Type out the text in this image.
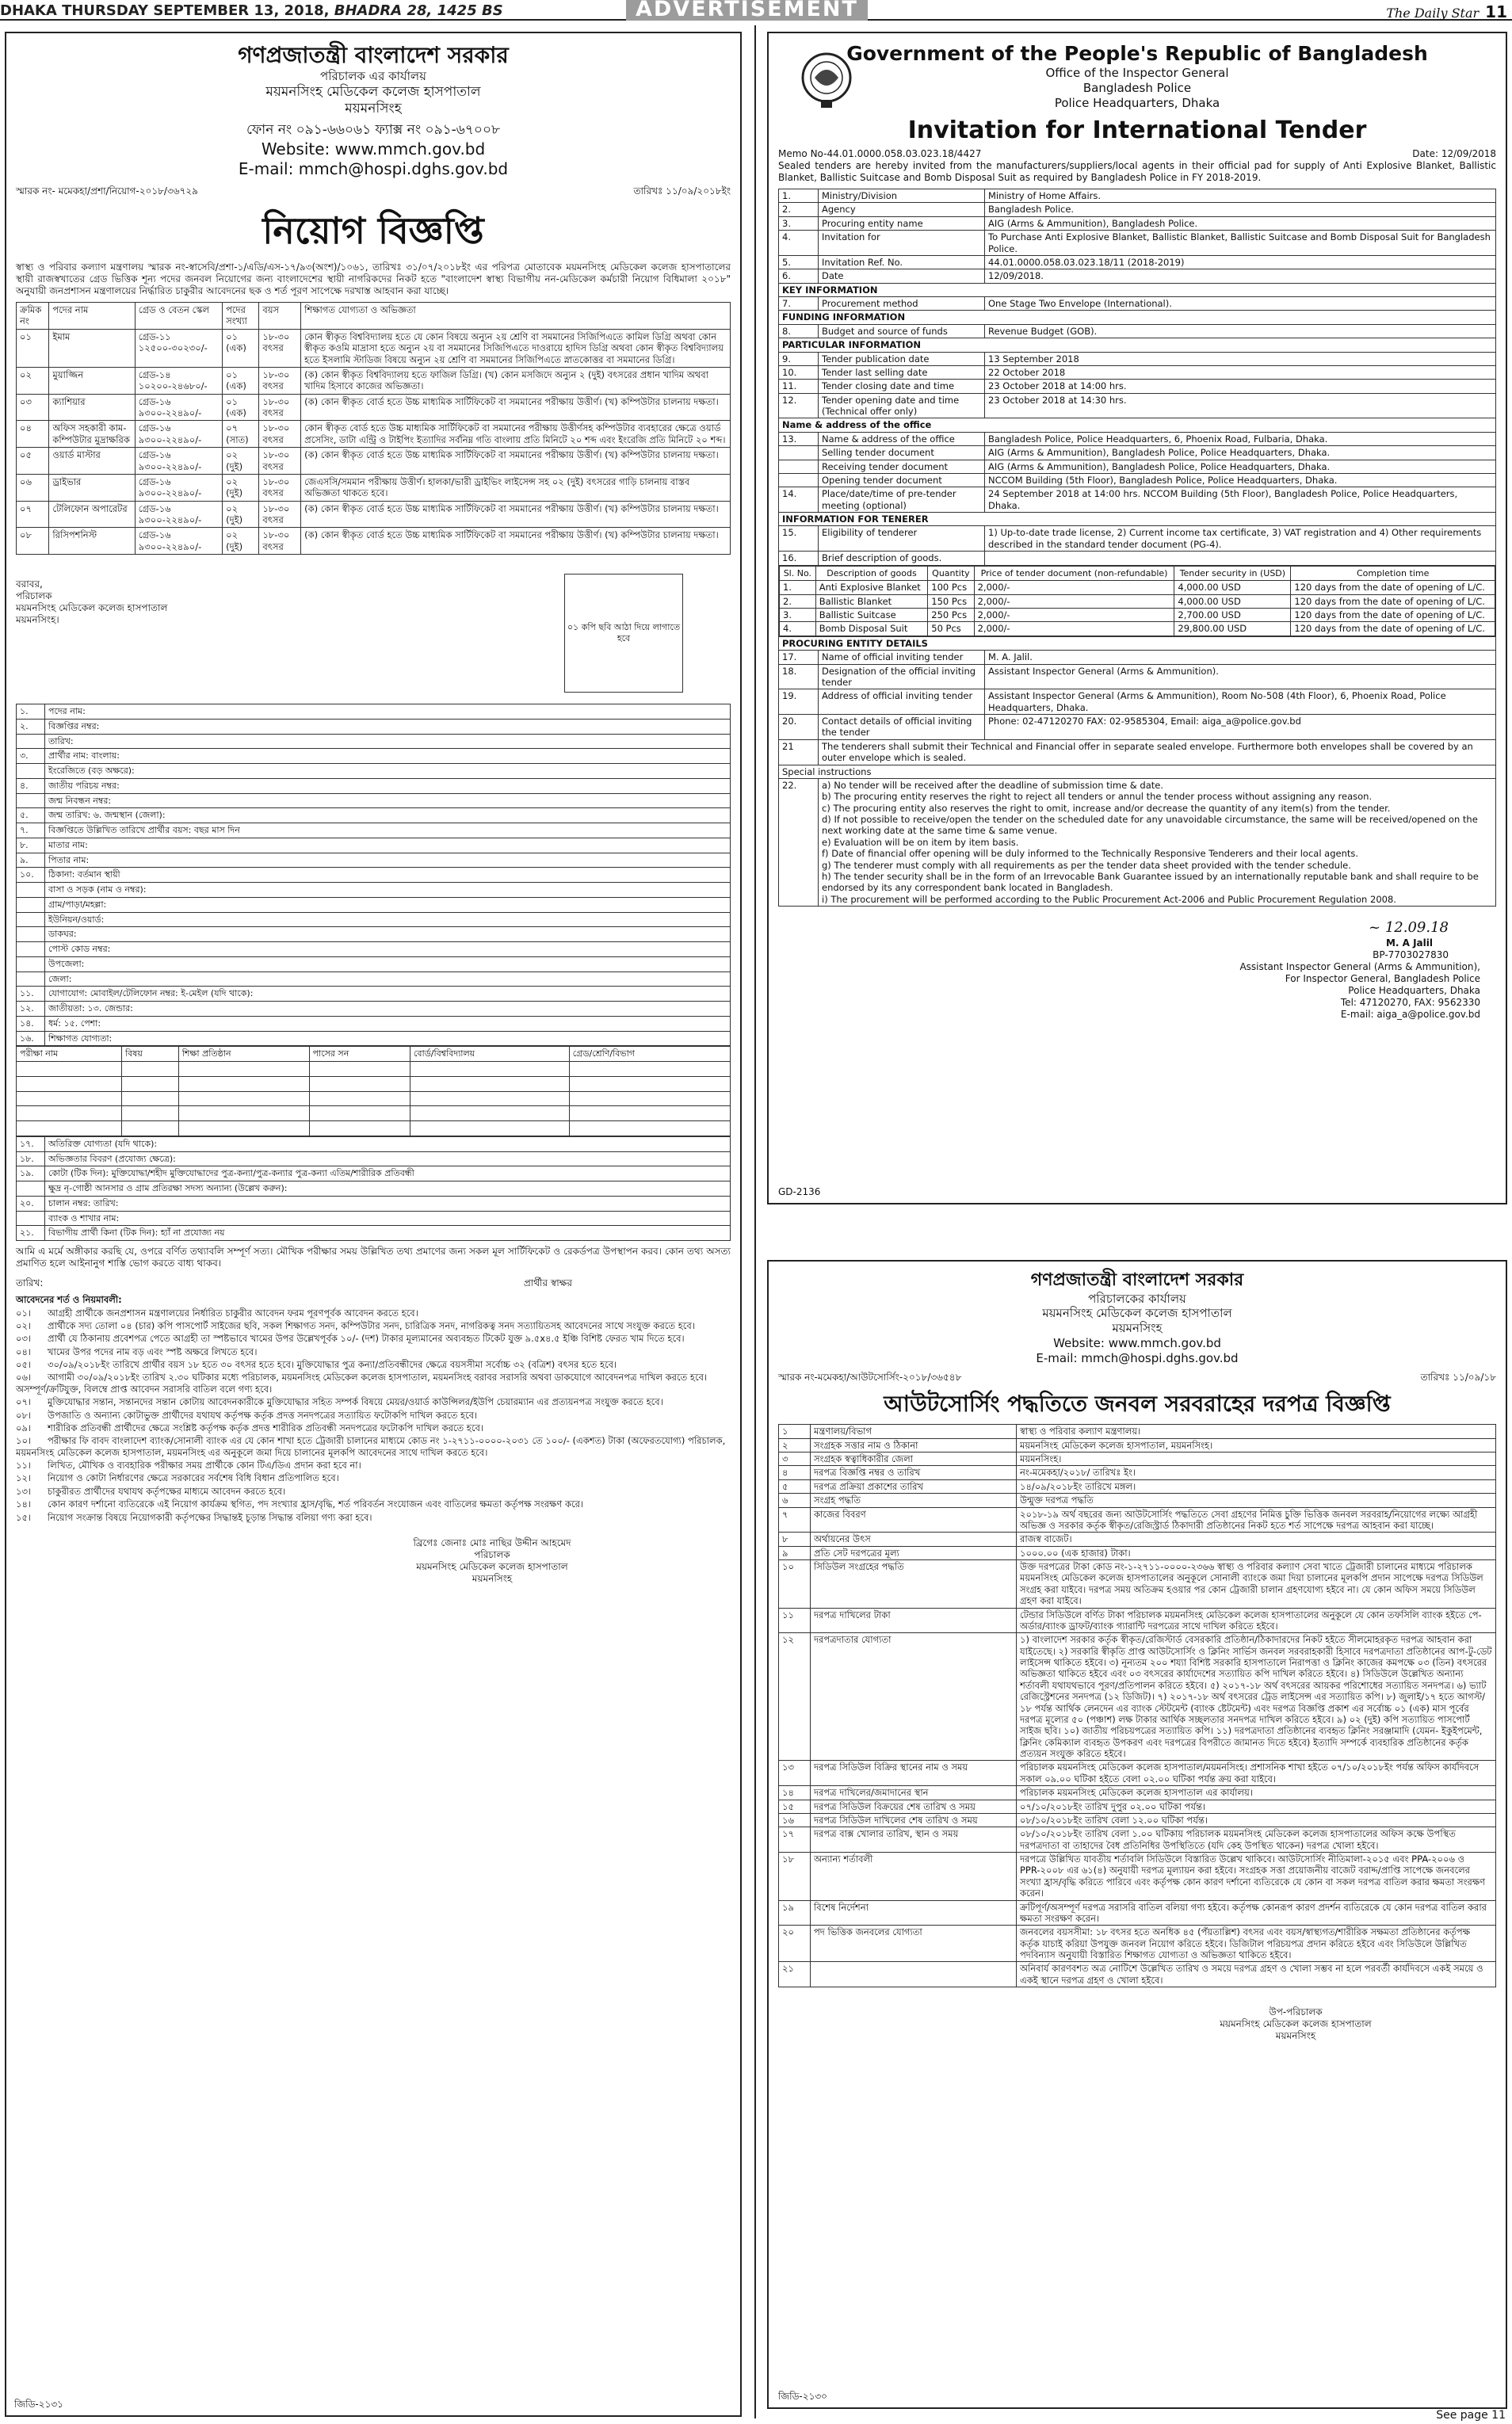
DHAKA THURSDAY SEPTEMBER 13, 2018, BHADRA 28, 1425 BS	ADVERTISEMENT	The Daily Star 11
গণপ্রজাতন্ত্রী বাংলাদেশ সরকার
পরিচালক এর কার্যালয়
ময়মনসিংহ মেডিকেল কলেজ হাসপাতাল
ময়মনসিংহ
ফোন নং ০৯১-৬৬০৬১ ফ্যাক্স নং ০৯১-৬৭০০৮
Website: www.mmch.gov.bd
E-mail: mmch@hospi.dghs.gov.bd
স্মারক নং- মমেকহা/প্রশা/নিয়োগ-২০১৮/৩৬৭২৯	তারিখঃ ১১/০৯/২০১৮ইং
নিয়োগ বিজ্ঞপ্তি
স্বাস্থ্য ও পরিবার কল্যাণ মন্ত্রণালয় স্মারক নং-স্বাসেবি/প্রশা-১/এডি/এস-১৭/৯৩(অংশ)/১০৬১, তারিখঃ ৩১/০৭/২০১৮ইং এর পরিপত্র মোতাবেক ময়মনসিংহ মেডিকেল কলেজ হাসপাতালের স্থায়ী রাজস্বখাতের গ্রেড ভিত্তিক শূন্য পদের জনবল নিয়োগের জন্য বাংলাদেশের স্থায়ী নাগরিকদের নিকট হতে "বাংলাদেশ স্বাস্থ্য বিভাগীয় নন-মেডিকেল কর্মচারী নিয়োগ বিধিমালা ২০১৮" অনুযায়ী জনপ্রশাসন মন্ত্রণালয়ের নির্দ্ধারিত চাকুরীর আবেদনের ছক ও শর্ত পূরণ সাপেক্ষে দরখাস্ত আহবান করা যাচ্ছে।
ক্রমিক নং	পদের নাম	গ্রেড ও বেতন স্কেল	পদের সংখ্যা	বয়স	শিক্ষাগত যোগ্যতা ও অভিজ্ঞতা
০১	ইমাম	গ্রেড-১১ ১২৫০০-৩০২৩০/-	০১ (এক)	১৮-৩০ বৎসর	কোন স্বীকৃত বিশ্ববিদ্যালয় হতে যে কোন বিষয়ে অন্যুন ২য় শ্রেণি বা সমমানের সিজিপিএতে কামিল ডিগ্রি অথবা কোন স্বীকৃত কওমি মাদ্রাসা হতে অন্যুন ২য় বা সমমানের সিজিপিএতে দাওরায়ে হাদিস ডিগ্রি অথবা কোন স্বীকৃত বিশ্ববিদ্যালয় হতে ইসলামি স্টাডিজ বিষয়ে অন্যুন ২য় শ্রেণি বা সমমানের সিজিপিএতে স্নাতকোত্তর বা সমমানের ডিগ্রি।
০২	মুয়াজ্জিন	গ্রেড-১৪ ১০২০০-২৪৬৮০/-	০১ (এক)	১৮-৩০ বৎসর	(ক) কোন স্বীকৃত বিশ্ববিদ্যালয় হতে ফাজিল ডিগ্রি। (খ) কোন মসজিদে অন্যুন ২ (দুই) বৎসরের প্রধান খাদিম অথবা খাদিম হিসাবে কাজের অভিজ্ঞতা।
০৩	ক্যাশিয়ার	গ্রেড-১৬ ৯৩০০-২২৪৯০/-	০১ (এক)	১৮-৩০ বৎসর	(ক) কোন স্বীকৃত বোর্ড হতে উচ্চ মাধ্যমিক সার্টিফিকেট বা সমমানের পরীক্ষায় উত্তীর্ণ। (খ) কম্পিউটার চালনায় দক্ষতা।
০৪	অফিস সহকারী কাম-কম্পিউটার মুদ্রাক্ষরিক	গ্রেড-১৬ ৯৩০০-২২৪৯০/-	০৭ (সাত)	১৮-৩০ বৎসর	কোন স্বীকৃত বোর্ড হতে উচ্চ মাধ্যমিক সার্টিফিকেট বা সমমানের পরীক্ষায় উত্তীর্ণসহ কম্পিউটার ব্যবহারের ক্ষেত্রে ওয়ার্ড প্রসেসিং, ডাটা এন্ট্রি ও টাইপিং ইত্যাদির সর্বনিম্ন গতি বাংলায় প্রতি মিনিটে ২০ শব্দ এবং ইংরেজি প্রতি মিনিটে ২০ শব্দ।
০৫	ওয়ার্ড মাস্টার	গ্রেড-১৬ ৯৩০০-২২৪৯০/-	০২ (দুই)	১৮-৩০ বৎসর	(ক) কোন স্বীকৃত বোর্ড হতে উচ্চ মাধ্যমিক সার্টিফিকেট বা সমমানের পরীক্ষায় উত্তীর্ণ। (খ) কম্পিউটার চালনায় দক্ষতা।
০৬	ড্রাইভার	গ্রেড-১৬ ৯৩০০-২২৪৯০/-	০২ (দুই)	১৮-৩০ বৎসর	জেএসসি/সমমান পরীক্ষায় উত্তীর্ণ। হালকা/ভারী ড্রাইভিং লাইসেন্স সহ ০২ (দুই) বৎসরের গাড়ি চালনায় বাস্তব অভিজ্ঞতা থাকতে হবে।
০৭	টেলিফোন অপারেটর	গ্রেড-১৬ ৯৩০০-২২৪৯০/-	০২ (দুই)	১৮-৩০ বৎসর	(ক) কোন স্বীকৃত বোর্ড হতে উচ্চ মাধ্যমিক সার্টিফিকেট বা সমমানের পরীক্ষায় উত্তীর্ণ। (খ) কম্পিউটার চালনায় দক্ষতা।
০৮	রিসিপশনিস্ট	গ্রেড-১৬ ৯৩০০-২২৪৯০/-	০২ (দুই)	১৮-৩০ বৎসর	(ক) কোন স্বীকৃত বোর্ড হতে উচ্চ মাধ্যমিক সার্টিফিকেট বা সমমানের পরীক্ষায় উত্তীর্ণ। (খ) কম্পিউটার চালনায় দক্ষতা।
বরাবর,
পরিচালক
ময়মনসিংহ মেডিকেল কলেজ হাসপাতাল
ময়মনসিংহ।
০১ কপি ছবি আঠা দিয়ে লাগাতে হবে
১.	পদের নাম:
২.	বিজ্ঞপ্তির নম্বর:
	তারিখ:
৩.	প্রার্থীর নাম: বাংলায়:
	ইংরেজিতে (বড় অক্ষরে):
৪.	জাতীয় পরিচয় নম্বর:
	জন্ম নিবন্ধন নম্বর:
৫.	জন্ম তারিখ: ৬. জন্মস্থান (জেলা):
৭.	বিজ্ঞপ্তিতে উল্লিখিত তারিখে প্রার্থীর বয়স: বছর মাস দিন
৮.	মাতার নাম:
৯.	পিতার নাম:
১০.	ঠিকানা: বর্তমান স্থায়ী
	বাসা ও সড়ক (নাম ও নম্বর):
	গ্রাম/পাড়া/মহল্লা:
	ইউনিয়ন/ওয়ার্ড:
	ডাকঘর:
	পোস্ট কোড নম্বর:
	উপজেলা:
	জেলা:
১১.	যোগাযোগ: মোবাইল/টেলিফোন নম্বর: ই-মেইল (যদি থাকে):
১২.	জাতীয়তা: ১৩. জেন্ডার:
১৪.	ধর্ম: ১৫. পেশা:
১৬.	শিক্ষাগত যোগ্যতা:
পরীক্ষা নাম	বিষয়	শিক্ষা প্রতিষ্ঠান	পাসের সন	বোর্ড/বিশ্ববিদ্যালয়	গ্রেড/শ্রেণি/বিভাগ

১৭.	অতিরিক্ত যোগ্যতা (যদি থাকে):
১৮.	অভিজ্ঞতার বিবরণ (প্রযোজ্য ক্ষেত্রে):
১৯.	কোটা (টিক দিন): মুক্তিযোদ্ধা/শহীদ মুক্তিযোদ্ধাদের পুত্র-কন্যা/পুত্র-কন্যার পুত্র-কন্যা এতিম/শারীরিক প্রতিবন্ধী
	ক্ষুদ্র নৃ-গোষ্ঠী আনসার ও গ্রাম প্রতিরক্ষা সদস্য অন্যান্য (উল্লেখ করুন):
২০.	চালান নম্বর: তারিখ:
	ব্যাংক ও শাখার নাম:
২১.	বিভাগীয় প্রার্থী কিনা (টিক দিন): হ্যাঁ না প্রযোজ্য নয়
আমি এ মর্মে অঙ্গীকার করছি যে, ওপরে বর্ণিত তথ্যাবলি সম্পূর্ণ সত্য। মৌখিক পরীক্ষার সময় উল্লিখিত তথ্য প্রমাণের জন্য সকল মূল সার্টিফিকেট ও রেকর্ডপত্র উপস্থাপন করব। কোন তথ্য অসত্য প্রমাণিত হলে আইনানুগ শাস্তি ভোগ করতে বাধ্য থাকব।
তারিখ:	প্রার্থীর স্বাক্ষর

আবেদনের শর্ত ও নিয়মাবলী:

০১। আগ্রহী প্রার্থীকে জনপ্রশাসন মন্ত্রণালয়ের নির্ধারিত চাকুরীর আবেদন ফরম পূরণপূর্বক আবেদন করতে হবে।

০২। প্রার্থীকে সদ্য তোলা ০৪ (চার) কপি পাসপোর্ট সাইজের ছবি, সকল শিক্ষাগত সনদ, কম্পিউটার সনদ, চারিত্রিক সনদ, নাগরিকত্ব সনদ সত্যায়িতসহ আবেদনের সাথে সংযুক্ত করতে হবে।

০৩। প্রার্থী যে ঠিকানায় প্রবেশপত্র পেতে আগ্রহী তা স্পষ্টভাবে খামের উপর উল্লেখপূর্বক ১০/- (দশ) টাকার মূল্যমানের অব্যবহৃত টিকেট যুক্ত ৯.৫x৪.৫ ইঞ্চি বিশিষ্ট ফেরত খাম দিতে হবে।

০৪। খামের উপর পদের নাম বড় এবং স্পষ্ট অক্ষরে লিখতে হবে।

০৫। ৩০/০৯/২০১৮ইং তারিখে প্রার্থীর বয়স ১৮ হতে ৩০ বৎসর হতে হবে। মুক্তিযোদ্ধার পুত্র কন্যা/প্রতিবন্ধীদের ক্ষেত্রে বয়সসীমা সর্বোচ্চ ৩২ (বত্রিশ) বৎসর হতে হবে।

০৬। আগামী ৩০/০৯/২০১৮ইং তারিখ ২.৩০ ঘটিকার মধ্যে পরিচালক, ময়মনসিংহ মেডিকেল কলেজ হাসপাতাল, ময়মনসিংহ বরাবর সরাসরি অথবা ডাকযোগে আবেদনপত্র দাখিল করতে হবে। অসম্পূর্ণ/ক্রটিযুক্ত, বিলম্বে প্রাপ্ত আবেদন সরাসরি বাতিল বলে গণ্য হবে।

০৭। মুক্তিযোদ্ধার সন্তান, সন্তানদের সন্তান কোটায় আবেদনকারীকে মুক্তিযোদ্ধার সহিত সম্পর্ক বিষয়ে মেয়র/ওয়ার্ড কাউন্সিলর/ইউপি চেয়ারম্যান এর প্রত্যয়নপত্র সংযুক্ত করতে হবে।

০৮। উপজাতি ও অন্যান্য কোটাভুক্ত প্রার্থীদের যথাযথ কর্তৃপক্ষ কর্তৃক প্রদত্ত সনদপত্রের সত্যায়িত ফটোকপি দাখিল করতে হবে।

০৯। শারীরিক প্রতিবন্ধী প্রার্থীদের ক্ষেত্রে সংশ্লিষ্ট কর্তৃপক্ষ কর্তৃক প্রদত্ত শারীরিক প্রতিবন্ধী সনদপত্রের ফটোকপি দাখিল করতে হবে।

১০। পরীক্ষার ফি বাবদ বাংলাদেশ ব্যাংক/সোনালী ব্যাংক এর যে কোন শাখা হতে ট্রেজারী চালানের মাধ্যমে কোড নং ১-২৭১১-০০০০-২০৩১ তে ১০০/- (একশত) টাকা (অফেরতযোগ্য) পরিচালক, ময়মনসিংহ মেডিকেল কলেজ হাসপাতাল, ময়মনসিংহ এর অনুকূলে জমা দিয়ে চালানের মূলকপি আবেদনের সাথে দাখিল করতে হবে।

১১। লিখিত, মৌখিক ও ব্যবহারিক পরীক্ষার সময় প্রার্থীকে কোন টিএ/ডিএ প্রদান করা হবে না।

১২। নিয়োগ ও কোটা নির্ধারণের ক্ষেত্রে সরকারের সর্বশেষ বিধি বিধান প্রতিপালিত হবে।

১৩। চাকুরীরত প্রার্থীদের যথাযথ কর্তৃপক্ষের মাধ্যমে আবেদন করতে হবে।

১৪। কোন কারণ দর্শানো ব্যতিরেকে এই নিয়োগ কার্যক্রম স্থগিত, পদ সংখ্যার হ্রাস/বৃদ্ধি, শর্ত পরিবর্তন সংযোজন এবং বাতিলের ক্ষমতা কর্তৃপক্ষ সংরক্ষণ করে।

১৫। নিয়োগ সংক্রান্ত বিষয়ে নিয়োগকারী কর্তৃপক্ষের সিদ্ধান্তই চূড়ান্ত সিদ্ধান্ত বলিয়া গণ্য করা হবে।

ব্রিগেঃ জেনাঃ মোঃ নাছির উদ্দীন আহমেদ
পরিচালক
ময়মনসিংহ মেডিকেল কলেজ হাসপাতাল
ময়মনসিংহ
জিডি-২১৩১
Government of the People's Republic of Bangladesh
Office of the Inspector General
Bangladesh Police
Police Headquarters, Dhaka
Invitation for International Tender
Memo No-44.01.0000.058.03.023.18/4427	Date: 12/09/2018
Sealed tenders are hereby invited from the manufacturers/suppliers/local agents in their official pad for supply of Anti Explosive Blanket, Ballistic Blanket, Ballistic Suitcase and Bomb Disposal Suit as required by Bangladesh Police in FY 2018-2019.
1.	Ministry/Division	Ministry of Home Affairs.
2.	Agency	Bangladesh Police.
3.	Procuring entity name	AIG (Arms & Ammunition), Bangladesh Police.
4.	Invitation for	To Purchase Anti Explosive Blanket, Ballistic Blanket, Ballistic Suitcase and Bomb Disposal Suit for Bangladesh Police.
5.	Invitation Ref. No.	44.01.0000.058.03.023.18/11 (2018-2019)
6.	Date	12/09/2018.
KEY INFORMATION
7.	Procurement method	One Stage Two Envelope (International).
FUNDING INFORMATION
8.	Budget and source of funds	Revenue Budget (GOB).
PARTICULAR INFORMATION
9.	Tender publication date	13 September 2018
10.	Tender last selling date	22 October 2018
11.	Tender closing date and time	23 October 2018 at 14:00 hrs.
12.	Tender opening date and time (Technical offer only)	23 October 2018 at 14:30 hrs.
Name & address of the office
13.	Name & address of the office	Bangladesh Police, Police Headquarters, 6, Phoenix Road, Fulbaria, Dhaka.
	Selling tender document	AIG (Arms & Ammunition), Bangladesh Police, Police Headquarters, Dhaka.
	Receiving tender document	AIG (Arms & Ammunition), Bangladesh Police, Police Headquarters, Dhaka.
	Opening tender document	NCCOM Building (5th Floor), Bangladesh Police, Police Headquarters, Dhaka.
14.	Place/date/time of pre-tender meeting (optional)	24 September 2018 at 14:00 hrs. NCCOM Building (5th Floor), Bangladesh Police, Police Headquarters, Dhaka.
INFORMATION FOR TENERER
15.	Eligibility of tenderer	1) Up-to-date trade license, 2) Current income tax certificate, 3) VAT registration and 4) Other requirements described in the standard tender document (PG-4).
16.	Brief description of goods.	

Sl. No.	Description of goods	Quantity	Price of tender document (non-refundable)	Tender security in (USD)	Completion time
1.	Anti Explosive Blanket	100 Pcs	2,000/-	4,000.00 USD	120 days from the date of opening of L/C.
2.	Ballistic Blanket	150 Pcs	2,000/-	4,000.00 USD	120 days from the date of opening of L/C.
3.	Ballistic Suitcase	250 Pcs	2,000/-	2,700.00 USD	120 days from the date of opening of L/C.
4.	Bomb Disposal Suit	50 Pcs	2,000/-	29,800.00 USD	120 days from the date of opening of L/C.

PROCURING ENTITY DETAILS
17.	Name of official inviting tender	M. A. Jalil.
18.	Designation of the official inviting tender	Assistant Inspector General (Arms & Ammunition).
19.	Address of official inviting tender	Assistant Inspector General (Arms & Ammunition), Room No-508 (4th Floor), 6, Phoenix Road, Police Headquarters, Dhaka.
20.	Contact details of official inviting the tender	Phone: 02-47120270 FAX: 02-9585304, Email: aiga_a@police.gov.bd
21	The tenderers shall submit their Technical and Financial offer in separate sealed envelope. Furthermore both envelopes shall be covered by an outer envelope which is sealed.
Special instructions
22.	a) No tender will be received after the deadline of submission time & date.
b) The procuring entity reserves the right to reject all tenders or annul the tender process without assigning any reason.
c) The procuring entity also reserves the right to omit, increase and/or decrease the quantity of any item(s) from the tender.
d) If not possible to receive/open the tender on the scheduled date for any unavoidable circumstance, the same will be received/opened on the next working date at the same time & same venue.
e) Evaluation will be on item by item basis.
f) Date of financial offer opening will be duly informed to the Technically Responsive Tenderers and their local agents.
g) The tenderer must comply with all requirements as per the tender data sheet provided with the tender schedule.
h) The tender security shall be in the form of an Irrevocable Bank Guarantee issued by an internationally reputable bank and shall require to be endorsed by its any correspondent bank located in Bangladesh.
i) The procurement will be performed according to the Public Procurement Act-2006 and Public Procurement Regulation 2008.
~ 12.09.18
M. A Jalil
BP-7703027830
Assistant Inspector General (Arms & Ammunition),
For Inspector General, Bangladesh Police
Police Headquarters, Dhaka
Tel: 47120270, FAX: 9562330
E-mail: aiga_a@police.gov.bd
GD-2136
গণপ্রজাতন্ত্রী বাংলাদেশ সরকার
পরিচালকের কার্যালয়
ময়মনসিংহ মেডিকেল কলেজ হাসপাতাল
ময়মনসিংহ
Website: www.mmch.gov.bd
E-mail: mmch@hospi.dghs.gov.bd
স্মারক নং-মমেকহা/আউটসোর্সিং-২০১৮/৩৬৫৪৮	তারিখঃ ১১/০৯/১৮
আউটসোর্সিং পদ্ধতিতে জনবল সরবরাহের দরপত্র বিজ্ঞপ্তি
১	মন্ত্রণালয়/বিভাগ	স্বাস্থ্য ও পরিবার কল্যাণ মন্ত্রণালয়।
২	সংগ্রহক সত্তার নাম ও ঠিকানা	ময়মনসিংহ মেডিকেল কলেজ হাসপাতাল, ময়মনসিংহ।
৩	সংগ্রহক স্বত্বাধিকারীর জেলা	ময়মনসিংহ।
৪	দরপত্র বিজ্ঞপ্তি নম্বর ও তারিখ	নং-মমেকহা/২০১৮/ তারিখঃ ইং।
৫	দরপত্র প্রক্রিয়া প্রকাশের তারিখ	১৪/০৯/২০১৮ইং তারিখে মঙ্গল।
৬	সংগ্রহ পদ্ধতি	উন্মুক্ত দরপত্র পদ্ধতি
৭	কাজের বিবরণ	২০১৮-১৯ অর্থ বছরের জন্য আউটসোর্সিং পদ্ধতিতে সেবা গ্রহণের নিমিত্ত চুক্তি ভিত্তিক জনবল সরবরাহ/নিয়োগের লক্ষ্যে আগ্রহী অভিজ্ঞ ও সরকার কর্তৃক স্বীকৃত/রেজিস্ট্রার্ড ঠিকাদারী প্রতিষ্ঠানের নিকট হতে শর্ত সাপেক্ষে দরপত্র আহবান করা যাচ্ছে।
৮	অর্থায়নের উৎস	রাজস্ব বাজেট।
৯	প্রতি সেট দরপত্রের মূল্য	১০০০.০০ (এক হাজার) টাকা।
১০	সিডিউল সংগ্রহের পদ্ধতি	উক্ত দরপত্রের টাকা কোড নং-১-২৭১১-০০০০-২৩৬৬ স্বাস্থ্য ও পরিবার কল্যাণ সেবা খাতে ট্রেজারী চালানের মাধ্যমে পরিচালক ময়মনসিংহ মেডিকেল কলেজ হাসপাতালের অনুকূলে সোনালী ব্যাংকে জমা দিয়া চালানের মূলকপি প্রদান সাপেক্ষে দরপত্র সিডিউল সংগ্রহ করা যাইবে। দরপত্র সময় অতিক্রম হওয়ার পর কোন ট্রেজারী চালান গ্রহণযোগ্য হইবে না। যে কোন অফিস সময়ে সিডিউল গ্রহণ করা যাইবে।
১১	দরপত্র দাখিলের টাকা	টেন্ডার সিডিউলে বর্ণিত টাকা পরিচালক ময়মনসিংহ মেডিকেল কলেজ হাসপাতালের অনুকূলে যে কোন তফসিলি ব্যাংক হইতে পে-অর্ডার/ব্যাংক ড্রাফট/ব্যাংক গ্যারান্টি দরপত্রের সাথে দাখিল করিতে হইবে।
১২	দরপত্রদাতার যোগ্যতা	১) বাংলাদেশ সরকার কর্তৃক স্বীকৃত/রেজিস্টার্ড বেসরকারি প্রতিষ্ঠান/ঠিকাদারদের নিকট হইতে সীলমোহরকৃত দরপত্র আহবান করা যাইতেছে। ২) সরকারি স্বীকৃতি প্রাপ্ত আউটসোর্সিং ও ক্লিনিং সার্ভিস জনবল সরবরাহকারী হিসাবে দরপত্রদাতা প্রতিষ্ঠানের আপ-টু-ডেট লাইসেন্স থাকিতে হইবে। ৩) নূন্যতম ২০০ শয্যা বিশিষ্ট সরকারি হাসপাতালে নিরাপত্তা ও ক্লিনিং কাজের কমপক্ষে ০৩ (তিন) বৎসরের অভিজ্ঞতা থাকিতে হইবে এবং ০৩ বৎসরের কার্যাদেশের সত্যায়িত কপি দাখিল করিতে হইবে। ৪) সিডিউলে উল্লেখিত অন্যান্য শর্তাবলী যথাযথভাবে পূরণ/প্রতিপালন করিতে হইবে। ৫) ২০১৭-১৮ অর্থ বৎসরের আয়কর পরিশোধের সত্যায়িত সনদপত্র। ৬) ভ্যাট রেজিস্ট্রেশনের সনদপত্র (১২ ডিজিট)। ৭) ২০১৭-১৮ অর্থ বৎসরের ট্রেড লাইসেন্স এর সত্যায়িত কপি। ৮) জুলাই/১৭ হতে আগস্ট/১৮ পর্যন্ত আর্থিক লেনদেন এর ব্যাংক স্টেটমেন্ট (ব্যাংক ষ্টেটমেন্ট) এবং দরপত্র বিজ্ঞপ্তি প্রকাশ এর সর্বোচ্চ ০১ (এক) মাস পূর্বের দরপত্র মূল্যের ৫০ (পঞ্চাশ) লক্ষ টাকার আর্থিক সচ্ছলতার সনদপত্র দাখিল করিতে হইবে। ৯) ০২ (দুই) কপি সত্যায়িত পাসপোর্ট সাইজ ছবি। ১০) জাতীয় পরিচয়পত্রের সত্যায়িত কপি। ১১) দরপত্রদাতা প্রতিষ্ঠানের ব্যবহৃত ক্লিনিং সরঞ্জামাদি (যেমন- ইকুইপমেন্ট, ক্লিনিং কেমিক্যাল ব্যবহৃত উপকরণ এবং দরপত্রের বিপরীতে জামানত দিতে হইবে) ইত্যাদি সম্পর্কে ব্যবহারিক প্রতিষ্ঠানের কর্তৃক প্রত্যয়ন সংযুক্ত করিতে হইবে।
১৩	দরপত্র সিডিউল বিক্রির স্থানের নাম ও সময়	পরিচালক ময়মনসিংহ মেডিকেল কলেজ হাসপাতাল/ময়মনসিংহ। প্রশাসনিক শাখা হইতে ০৭/১০/২০১৮ইং পর্যন্ত অফিস কার্যদিবসে সকাল ০৯.০০ ঘটিকা হইতে বেলা ০২.০০ ঘটিকা পর্যন্ত ক্রয় করা যাইবে।
১৪	দরপত্র দাখিলের/জমাদানের স্থান	পরিচালক ময়মনসিংহ মেডিকেল কলেজ হাসপাতাল এর কার্যালয়।
১৫	দরপত্র সিডিউল বিক্রয়ের শেষ তারিখ ও সময়	০৭/১০/২০১৮ইং তারিখ দুপুর ০২.০০ ঘটিকা পর্যন্ত।
১৬	দরপত্র সিডিউল দাখিলের শেষ তারিখ ও সময়	০৮/১০/২০১৮ইং তারিখ বেলা ১২.০০ ঘটিকা পর্যন্ত।
১৭	দরপত্র বাক্স খোলার তারিখ, স্থান ও সময়	০৮/১০/২০১৮ইং তারিখ বেলা ১.০০ ঘটিকায় পরিচালক ময়মনসিংহ মেডিকেল কলেজ হাসপাতালের অফিস কক্ষে উপস্থিত দরপত্রদাতা বা তাহাদের বৈধ প্রতিনিধির উপস্থিতিতে (যদি কেহ উপস্থিত থাকেন) দরপত্র খোলা হইবে।
১৮	অন্যান্য শর্তাবলী	দরপত্রে উল্লিখিত যাবতীয় শর্তাবলি সিডিউলে বিস্তারিত উল্লেখ থাকিবে। আউটসোর্সিং নীতিমালা-২০১৫ এবং PPA-২০০৬ ও PPR-২০০৮ এর ৬১(৪) অনুযায়ী দরপত্র মূল্যায়ন করা হইবে। সংগ্রহক সত্তা প্রয়োজনীয় বাজেট বরাদ্দ/প্রাপ্তি সাপেক্ষে জনবলের সংখ্যা হ্রাস/বৃদ্ধি করিতে পারিবে এবং কর্তৃপক্ষ কোন কারণ দর্শানো ব্যতিরেকে যে কোন বা সকল দরপত্র বাতিল করার ক্ষমতা সংরক্ষণ করেন।
১৯	বিশেষ নির্দেশনা	ক্রটিপূর্ণ/অসম্পূর্ণ দরপত্র সরাসরি বাতিল বলিয়া গণ্য হইবে। কর্তৃপক্ষ কোনরূপ কারণ প্রদর্শন ব্যতিরেকে যে কোন দরপত্র বাতিল করার ক্ষমতা সংরক্ষণ করেন।
২০	পদ ভিত্তিক জনবলের যোগ্যতা	জনবলের বয়সসীমা: ১৮ বৎসর হতে অনধিক ৪৫ (পঁয়তাল্লিশ) বৎসর এবং বয়স/স্বাস্থ্যগত/শারীরিক সক্ষমতা প্রতিষ্ঠানের কর্তৃপক্ষ কর্তৃক যাচাই করিয়া উপযুক্ত জনবল নিয়োগ করিতে হইবে। ডিজিটাল পরিচয়পত্র প্রদান করিতে হইবে এবং সিডিউলে উল্লিখিত পদবিন্যাস অনুযায়ী বিস্তারিত শিক্ষাগত যোগ্যতা ও অভিজ্ঞতা থাকিতে হইবে।
২১		অনিবার্য কারণবশত অত্র নোটিশে উল্লেখিত তারিখ ও সময়ে দরপত্র গ্রহণ ও খোলা সম্ভব না হলে পরবর্তী কার্যদিবসে একই সময়ে ও একই স্থানে দরপত্র গ্রহণ ও খোলা হইবে।
উপ-পরিচালক
ময়মনসিংহ মেডিকেল কলেজ হাসপাতাল
ময়মনসিংহ
জিডি-২১৩০
See page 11
